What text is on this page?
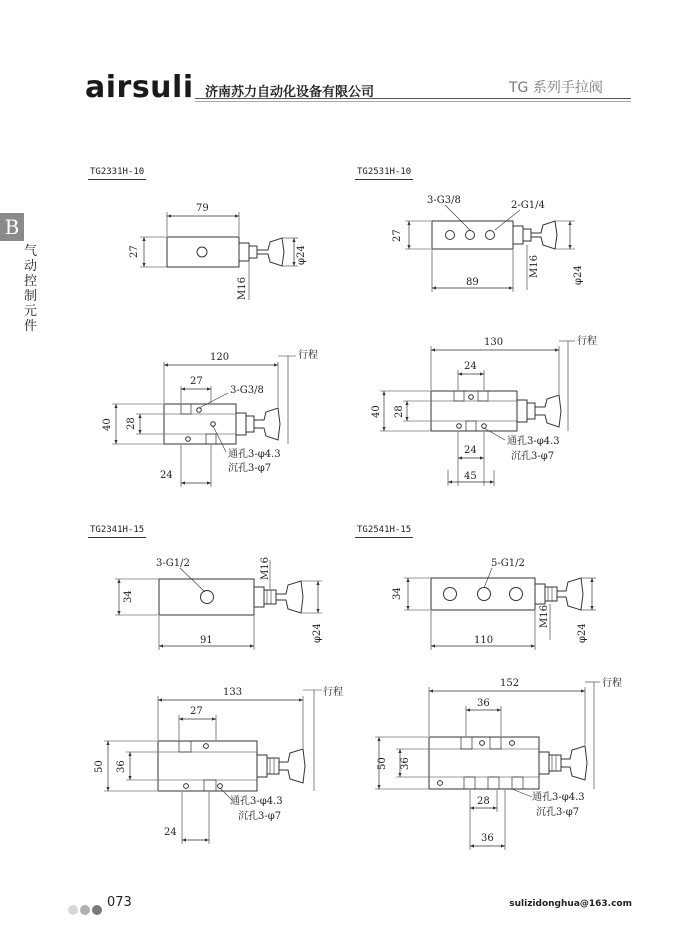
airsuli 济南苏力自动化设备有限公司	TG 系列手拉阀
B
气动控制元件
TG2331H-10	TG2531H-10
TG2341H-15	TG2541H-15
79
27	φ24
M16
3-G3/8	2-G1/4
27
89
M16	φ24
120	行程
27
3-G3/8
40 28
24
通孔3-φ4.3
沉孔3-φ7
130	行程
24
40 28
24
45
通孔3-φ4.3
沉孔3-φ7
3-G1/2	M16
34
91	φ24
5-G1/2
34
M16
110	φ24
133	行程
27
50 36
24
通孔3-φ4.3
沉孔3-φ7
152	行程
36
50 36
28
36
通孔3-φ4.3
沉孔3-φ7
073	sulizidonghua@163.com
